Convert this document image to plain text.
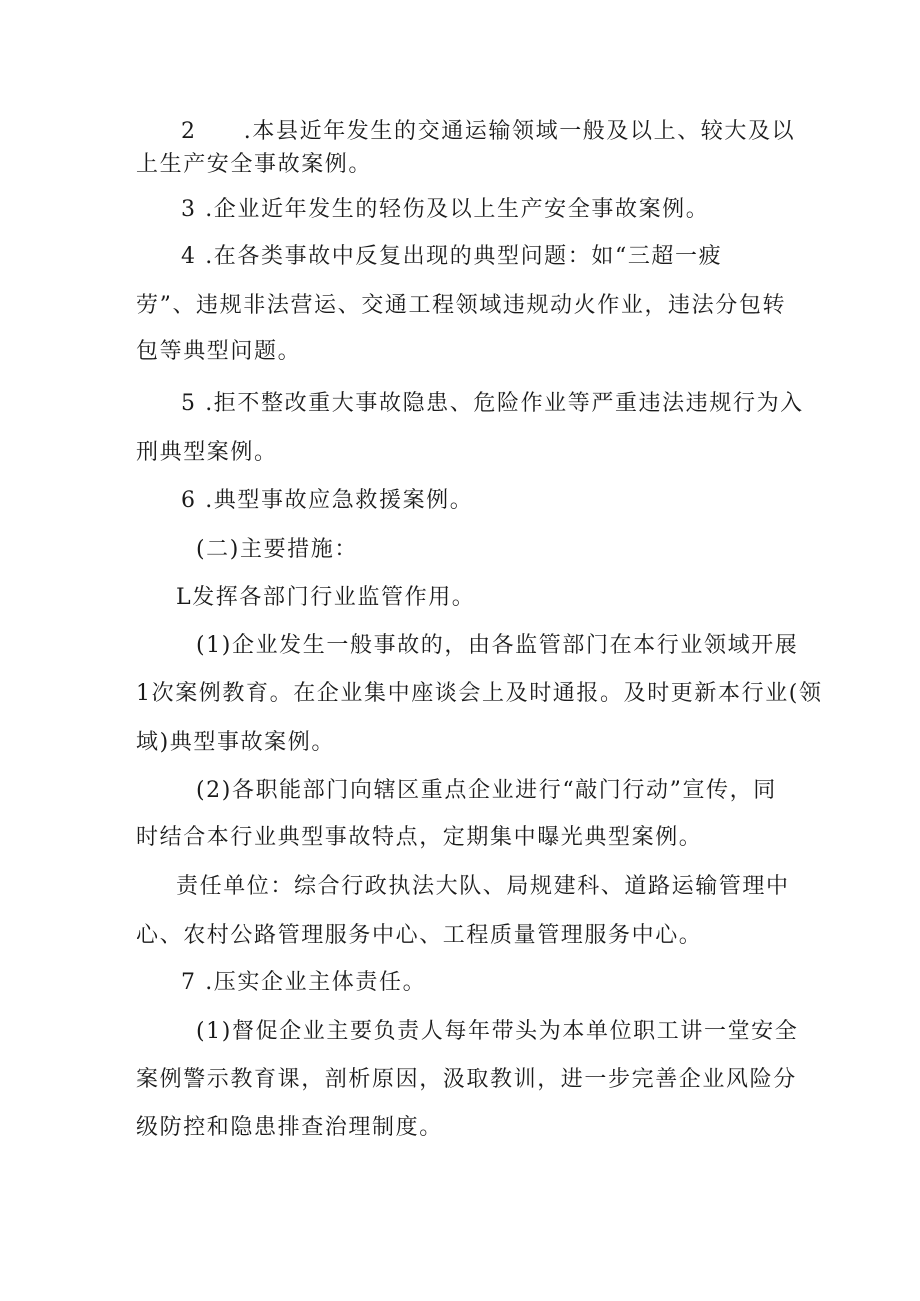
2　　.本县近年发生的交通运输领域一般及以上、较大及以
上生产安全事故案例。
3 .企业近年发生的轻伤及以上生产安全事故案例。
4 .在各类事故中反复出现的典型问题：如“三超一疲
劳”、违规非法营运、交通工程领域违规动火作业，违法分包转
包等典型问题。
5 .拒不整改重大事故隐患、危险作业等严重违法违规行为入
刑典型案例。
6 .典型事故应急救援案例。
(二)主要措施：
L发挥各部门行业监管作用。
(1)企业发生一般事故的，由各监管部门在本行业领域开展
1次案例教育。在企业集中座谈会上及时通报。及时更新本行业(领
域)典型事故案例。
(2)各职能部门向辖区重点企业进行“敲门行动”宣传，同
时结合本行业典型事故特点，定期集中曝光典型案例。
责任单位：综合行政执法大队、局规建科、道路运输管理中
心、农村公路管理服务中心、工程质量管理服务中心。
7 .压实企业主体责任。
(1)督促企业主要负责人每年带头为本单位职工讲一堂安全
案例警示教育课，剖析原因，汲取教训，进一步完善企业风险分
级防控和隐患排查治理制度。
